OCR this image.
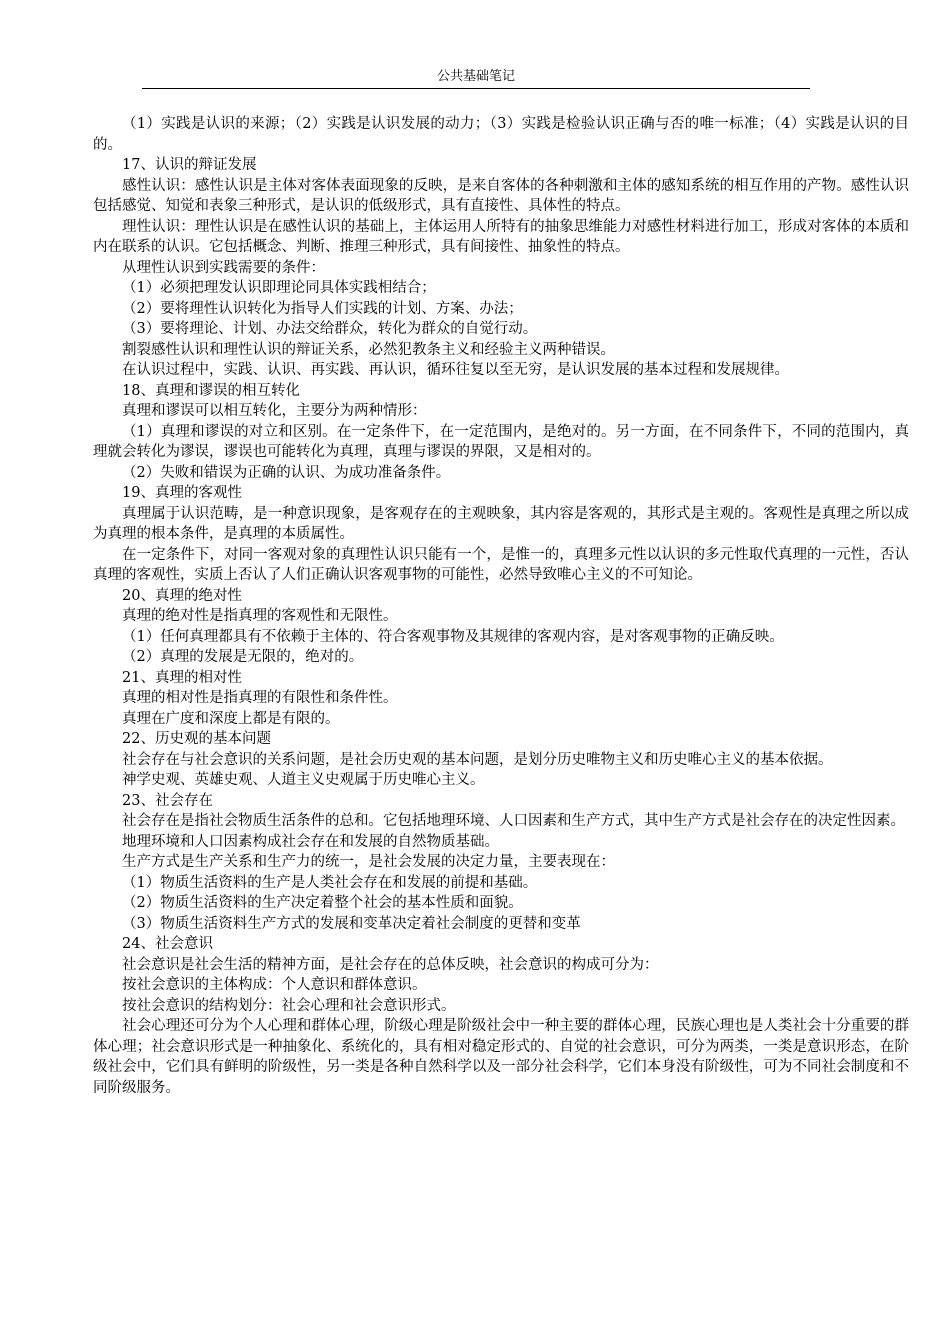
公共基础笔记

（1）实践是认识的来源；（2）实践是认识发展的动力；（3）实践是检验认识正确与否的唯一标准；（4）实践是认识的目的。

17、认识的辩证发展

感性认识：感性认识是主体对客体表面现象的反映，是来自客体的各种刺激和主体的感知系统的相互作用的产物。感性认识包括感觉、知觉和表象三种形式，是认识的低级形式，具有直接性、具体性的特点。

理性认识：理性认识是在感性认识的基础上，主体运用人所特有的抽象思维能力对感性材料进行加工，形成对客体的本质和内在联系的认识。它包括概念、判断、推理三种形式，具有间接性、抽象性的特点。

从理性认识到实践需要的条件：

（1）必须把理发认识即理论同具体实践相结合；

（2）要将理性认识转化为指导人们实践的计划、方案、办法；

（3）要将理论、计划、办法交给群众，转化为群众的自觉行动。

割裂感性认识和理性认识的辩证关系，必然犯教条主义和经验主义两种错误。

在认识过程中，实践、认识、再实践、再认识，循环往复以至无穷，是认识发展的基本过程和发展规律。

18、真理和谬误的相互转化

真理和谬误可以相互转化，主要分为两种情形：

（1）真理和谬误的对立和区别。在一定条件下，在一定范围内，是绝对的。另一方面，在不同条件下，不同的范围内，真理就会转化为谬误，谬误也可能转化为真理，真理与谬误的界限，又是相对的。

（2）失败和错误为正确的认识、为成功准备条件。

19、真理的客观性

真理属于认识范畴，是一种意识现象，是客观存在的主观映象，其内容是客观的，其形式是主观的。客观性是真理之所以成为真理的根本条件，是真理的本质属性。

在一定条件下，对同一客观对象的真理性认识只能有一个，是惟一的，真理多元性以认识的多元性取代真理的一元性，否认真理的客观性，实质上否认了人们正确认识客观事物的可能性，必然导致唯心主义的不可知论。

20、真理的绝对性

真理的绝对性是指真理的客观性和无限性。

（1）任何真理都具有不依赖于主体的、符合客观事物及其规律的客观内容，是对客观事物的正确反映。

（2）真理的发展是无限的，绝对的。

21、真理的相对性

真理的相对性是指真理的有限性和条件性。

真理在广度和深度上都是有限的。

22、历史观的基本问题

社会存在与社会意识的关系问题，是社会历史观的基本问题，是划分历史唯物主义和历史唯心主义的基本依据。

神学史观、英雄史观、人道主义史观属于历史唯心主义。

23、社会存在

社会存在是指社会物质生活条件的总和。它包括地理环境、人口因素和生产方式，其中生产方式是社会存在的决定性因素。

地理环境和人口因素构成社会存在和发展的自然物质基础。

生产方式是生产关系和生产力的统一，是社会发展的决定力量，主要表现在：

（1）物质生活资料的生产是人类社会存在和发展的前提和基础。

（2）物质生活资料的生产决定着整个社会的基本性质和面貌。

（3）物质生活资料生产方式的发展和变革决定着社会制度的更替和变革

24、社会意识

社会意识是社会生活的精神方面，是社会存在的总体反映，社会意识的构成可分为：

按社会意识的主体构成：个人意识和群体意识。

按社会意识的结构划分：社会心理和社会意识形式。

社会心理还可分为个人心理和群体心理，阶级心理是阶级社会中一种主要的群体心理，民族心理也是人类社会十分重要的群体心理；社会意识形式是一种抽象化、系统化的，具有相对稳定形式的、自觉的社会意识，可分为两类，一类是意识形态，在阶级社会中，它们具有鲜明的阶级性，另一类是各种自然科学以及一部分社会科学，它们本身没有阶级性，可为不同社会制度和不同阶级服务。
